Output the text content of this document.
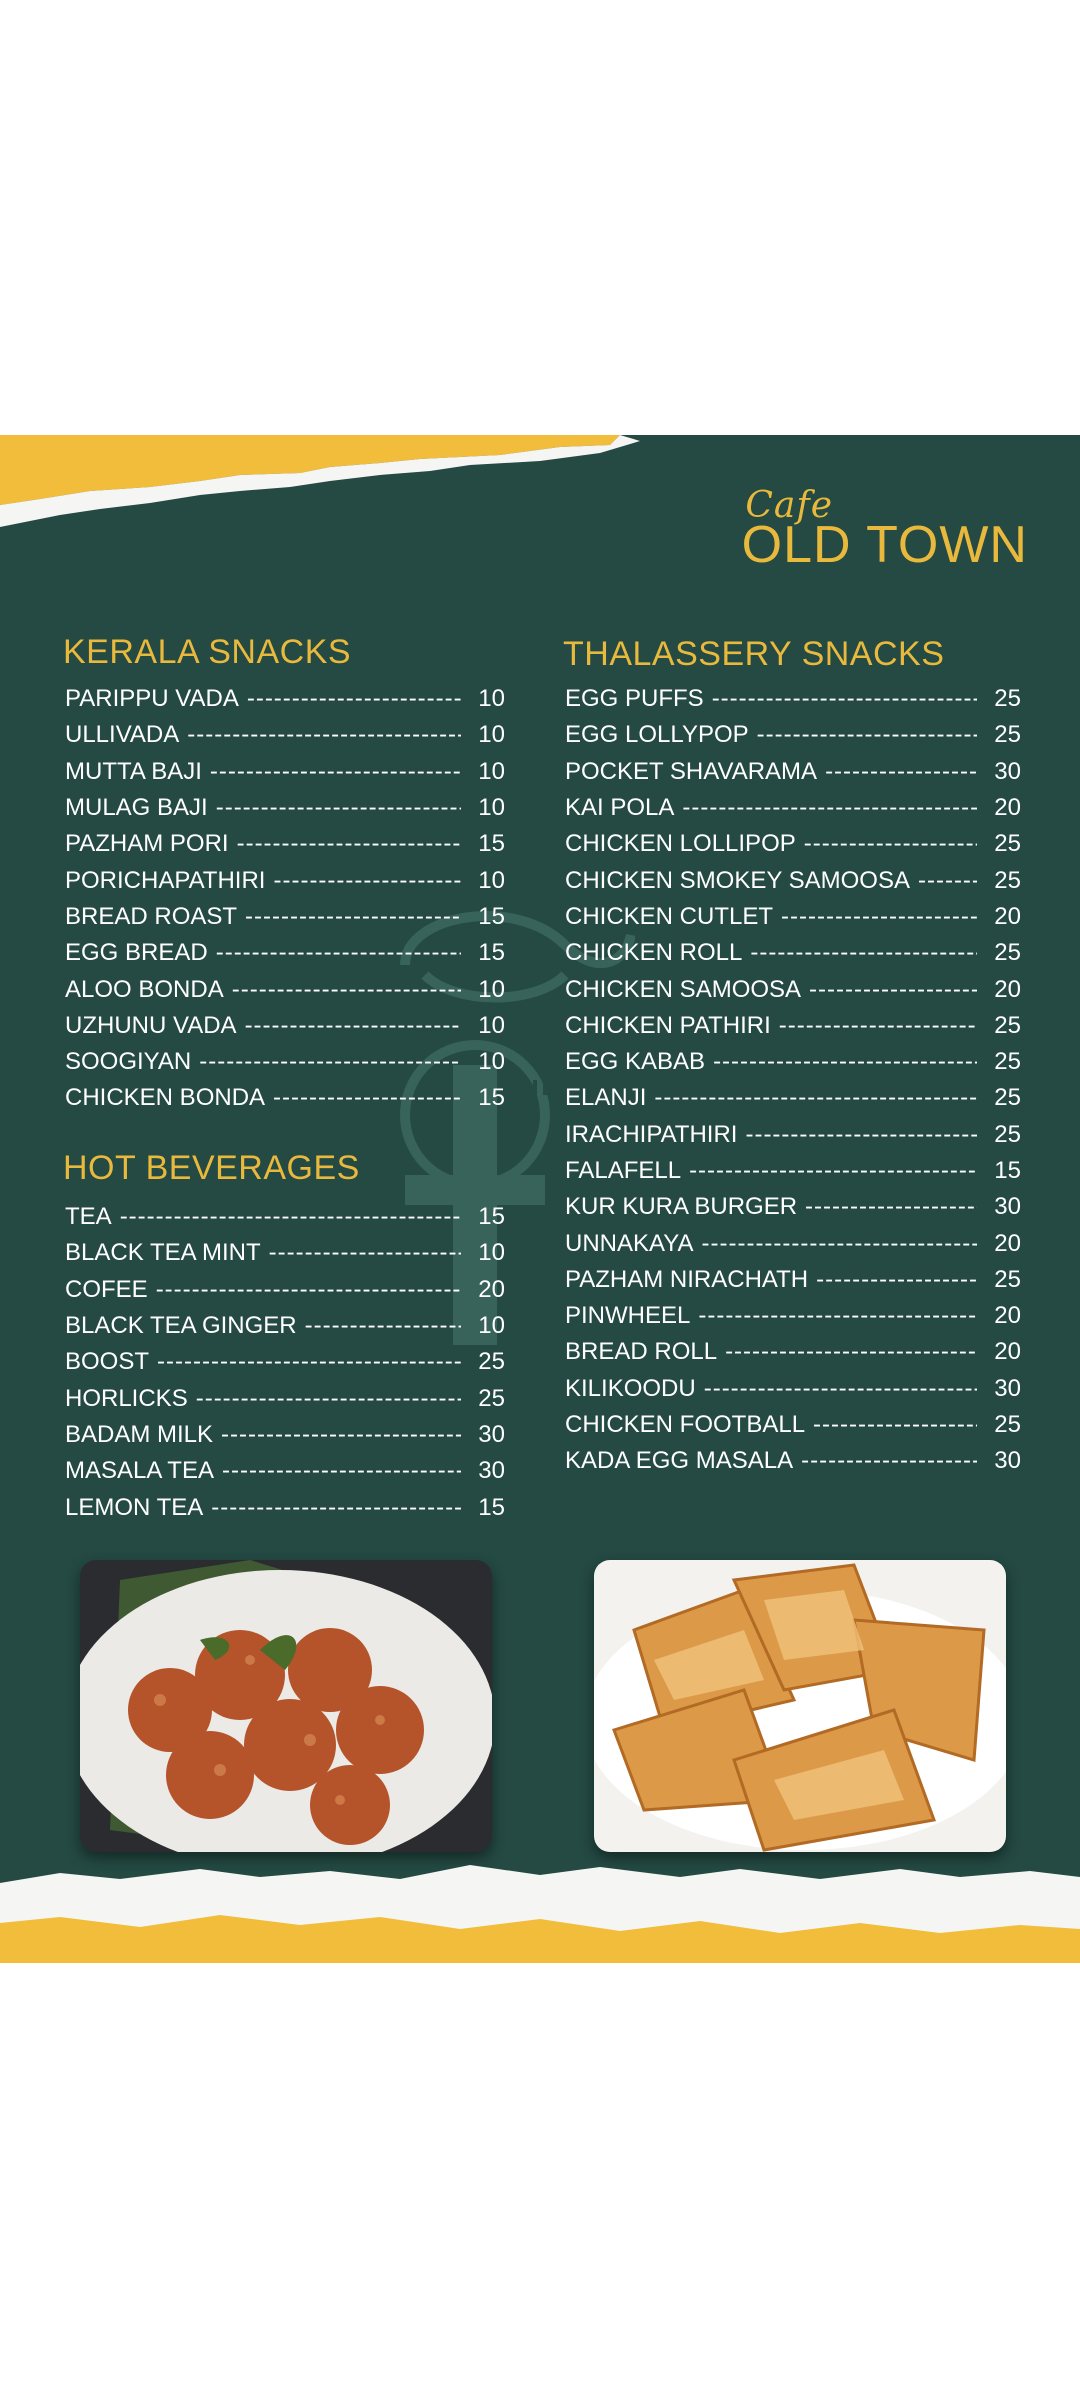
Cafe
OLD TOWN
KERALA SNACKS
PARIPPU VADA -----	10
ULLIVADA -----	10
MUTTA BAJI -----	10
MULAG BAJI -----	10
PAZHAM PORI -----	15
PORICHAPATHIRI -----	10
BREAD ROAST -----	15
EGG BREAD -----	15
ALOO BONDA -----	10
UZHUNU VADA -----	10
SOOGIYAN -----	10
CHICKEN BONDA -----	15
HOT BEVERAGES
TEA -----	15
BLACK TEA MINT -----	10
COFEE -----	20
BLACK TEA GINGER -----	10
BOOST -----	25
HORLICKS -----	25
BADAM MILK -----	30
MASALA TEA -----	30
LEMON TEA -----	15
THALASSERY SNACKS
EGG PUFFS -----	25
EGG LOLLYPOP -----	25
POCKET SHAVARAMA -----	30
KAI POLA -----	20
CHICKEN LOLLIPOP -----	25
CHICKEN SMOKEY SAMOOSA -----	25
CHICKEN CUTLET -----	20
CHICKEN ROLL -----	25
CHICKEN SAMOOSA -----	20
CHICKEN PATHIRI -----	25
EGG KABAB -----	25
ELANJI -----	25
IRACHIPATHIRI -----	25
FALAFELL -----	15
KUR KURA BURGER -----	30
UNNAKAYA -----	20
PAZHAM NIRACHATH -----	25
PINWHEEL -----	20
BREAD ROLL -----	20
KILIKOODU -----	30
CHICKEN FOOTBALL -----	25
KADA EGG MASALA -----	30
